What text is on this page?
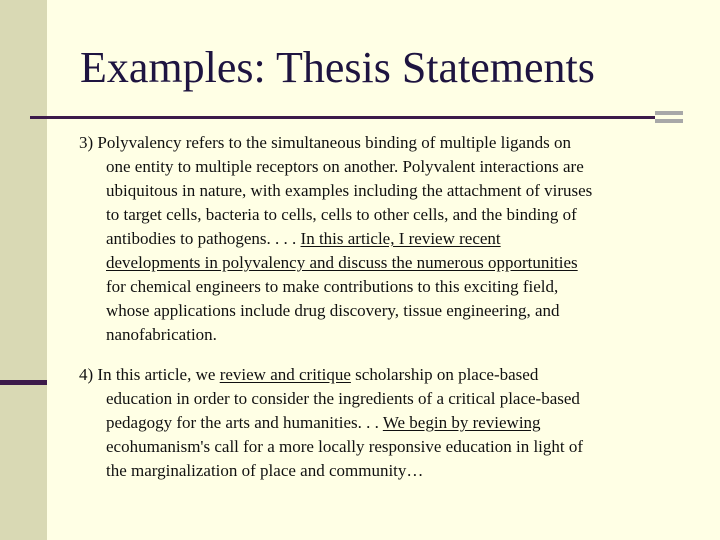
Examples: Thesis Statements
3) Polyvalency refers to the simultaneous binding of multiple ligands on
one entity to multiple receptors on another. Polyvalent interactions are
ubiquitous in nature, with examples including the attachment of viruses
to target cells, bacteria to cells, cells to other cells, and the binding of
antibodies to pathogens. . . . In this article, I review recent
developments in polyvalency and discuss the numerous opportunities
for chemical engineers to make contributions to this exciting field,
whose applications include drug discovery, tissue engineering, and
nanofabrication.
4) In this article, we review and critique scholarship on place-based
education in order to consider the ingredients of a critical place-based
pedagogy for the arts and humanities. . . We begin by reviewing
ecohumanism's call for a more locally responsive education in light of
the marginalization of place and community…
